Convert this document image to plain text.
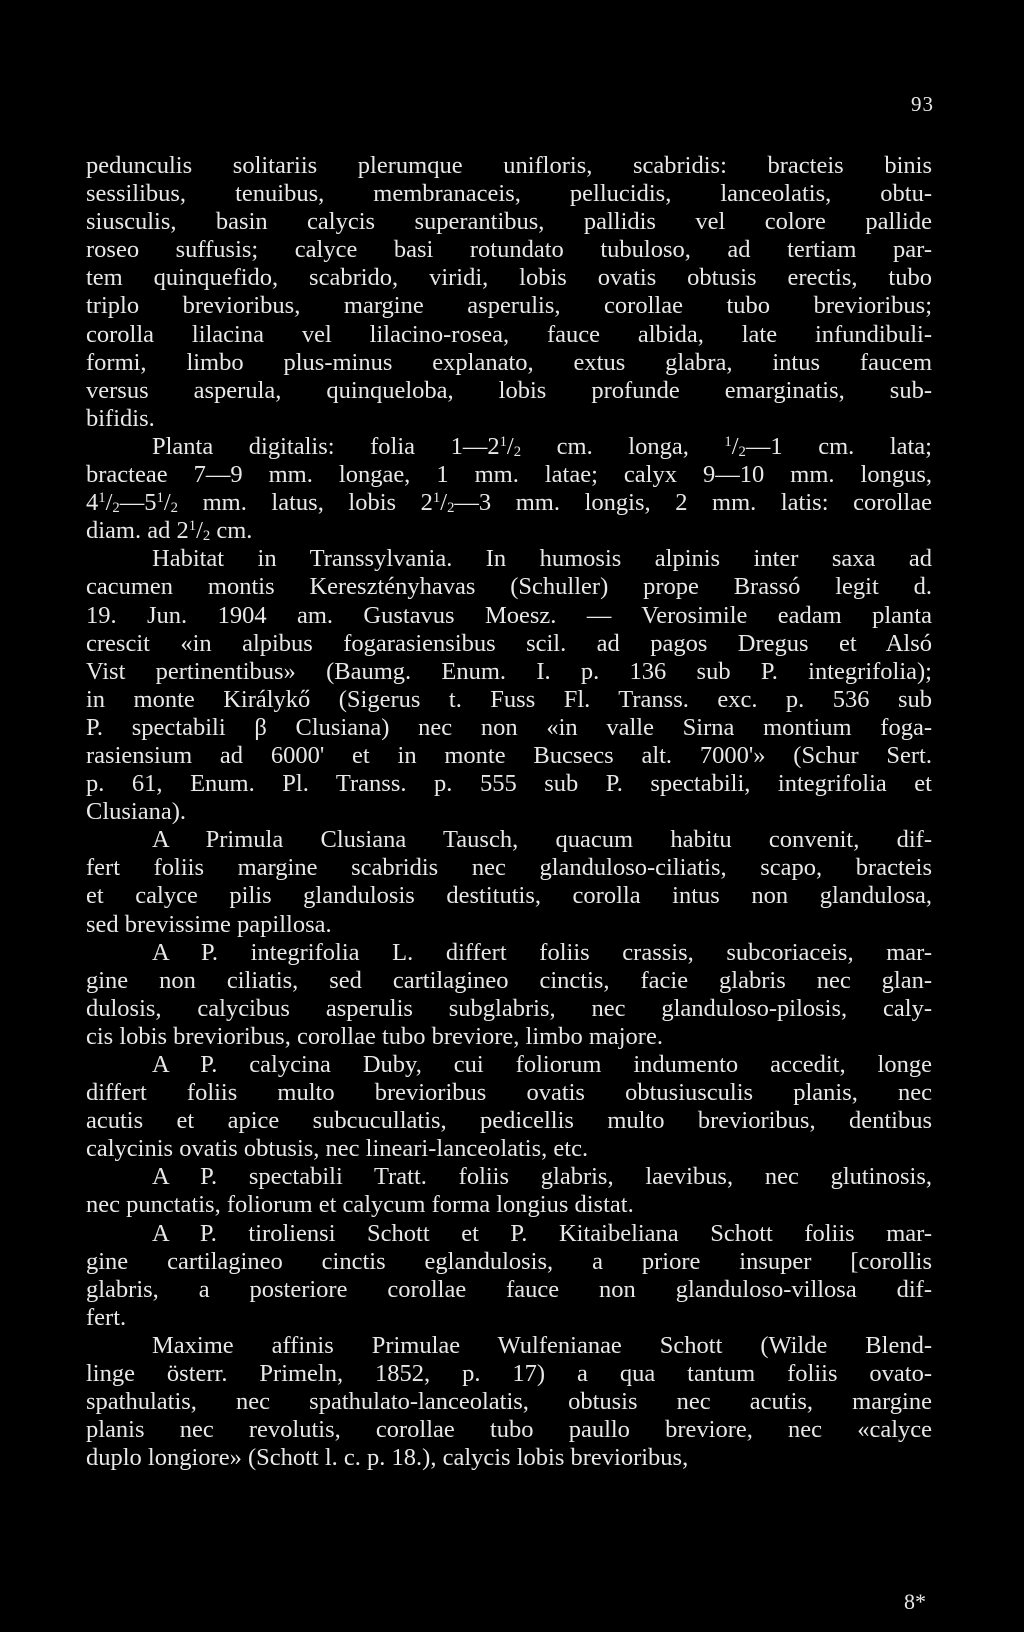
93

pedunculis solitariis plerumque unifloris, scabridis: bracteis binis
sessilibus, tenuibus, membranaceis, pellucidis, lanceolatis, obtu-
siusculis, basin calycis superantibus, pallidis vel colore pallide
roseo suffusis; calyce basi rotundato tubuloso, ad tertiam par-
tem quinquefido, scabrido, viridi, lobis ovatis obtusis erectis, tubo
triplo brevioribus, margine asperulis, corollae tubo brevioribus;
corolla lilacina vel lilacino-rosea, fauce albida, late infundibuli-
formi, limbo plus-minus explanato, extus glabra, intus faucem
versus asperula, quinqueloba, lobis profunde emarginatis, sub-
bifidis.

Planta digitalis: folia $1—2^1/_2$ cm. longa, $^1/_2—1$ cm. lata;
bracteae 7—9 mm. longae, 1 mm. latae; calyx 9—10 mm. longus,
$4^1/_2—5^1/_2$ mm. latus, lobis $2^1/_2—3$ mm. longis, 2 mm. latis: corollae
diam. ad $2^1/_2$ cm.

Habitat in Transsylvania. In humosis alpinis inter saxa ad
cacumen montis Keresztényhavas (Schuller) prope Brassó legit d.
19. Jun. 1904 am. Gustavus Moesz. — Verosimile eadam planta
crescit «in alpibus fogarasiensibus scil. ad pagos Dregus et Alsó
Vist pertinentibus» (Baumg. Enum. I. p. 136 sub P. integrifolia);
in monte Királykő (Sigerus t. Fuss Fl. Transs. exc. p. 536 sub
P. spectabili β Clusiana) nec non «in valle Sirna montium foga-
rasiensium ad 6000' et in monte Bucsecs alt. 7000'» (Schur Sert.
p. 61, Enum. Pl. Transs. p. 555 sub P. spectabili, integrifolia et
Clusiana).

A Primula Clusiana Tausch, quacum habitu convenit, dif-
fert foliis margine scabridis nec glanduloso-ciliatis, scapo, bracteis
et calyce pilis glandulosis destitutis, corolla intus non glandulosa,
sed brevissime papillosa.

A P. integrifolia L. differt foliis crassis, subcoriaceis, mar-
gine non ciliatis, sed cartilagineo cinctis, facie glabris nec glan-
dulosis, calycibus asperulis subglabris, nec glanduloso-pilosis, caly-
cis lobis brevioribus, corollae tubo breviore, limbo majore.

A P. calycina Duby, cui foliorum indumento accedit, longe
differt foliis multo brevioribus ovatis obtusiusculis planis, nec
acutis et apice subcucullatis, pedicellis multo brevioribus, dentibus
calycinis ovatis obtusis, nec lineari-lanceolatis, etc.

A P. spectabili Tratt. foliis glabris, laevibus, nec glutinosis,
nec punctatis, foliorum et calycum forma longius distat.

A P. tiroliensi Schott et P. Kitaibeliana Schott foliis mar-
gine cartilagineo cinctis eglandulosis, a priore insuper [corollis
glabris, a posteriore corollae fauce non glanduloso-villosa dif-
fert.

Maxime affinis Primulae Wulfenianae Schott (Wilde Blend-
linge österr. Primeln, 1852, p. 17) a qua tantum foliis ovato-
spathulatis, nec spathulato-lanceolatis, obtusis nec acutis, margine
planis nec revolutis, corollae tubo paullo breviore, nec «calyce
duplo longiore» (Schott l. c. p. 18.), calycis lobis brevioribus,

8*
